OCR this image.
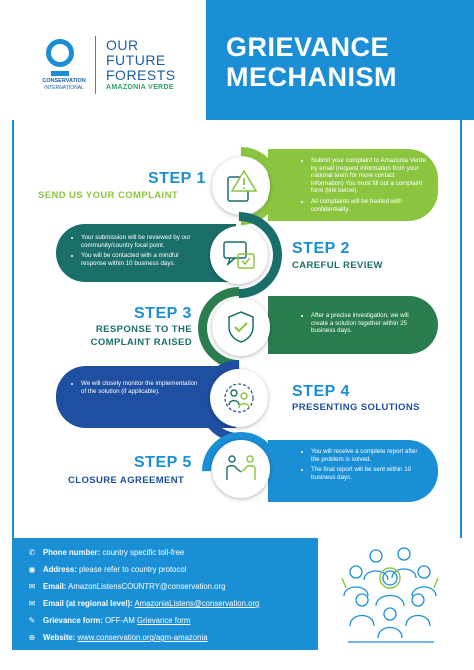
CONSERVATION
INTERNATIONAL
OUR
FUTURE
FORESTS
AMAZONIA VERDE
GRIEVANCE
MECHANISM
• Submit your complaint to Amazonia Verde by email (request information from your national team for more contact information) You must fill out a complaint form (link below).
• All complaints will be treated with confidentiality.
STEP 1
SEND US YOUR COMPLAINT
• Your submission will be reviewed by our community/country focal point.
• You will be contacted with a mindful response within 10 business days.
STEP 2
CAREFUL REVIEW
• After a precise investigation, we will create a solution together within 25 business days.
STEP 3
RESPONSE TO THE
COMPLAINT RAISED
• We will closely monitor the implementation of the solution (if applicable).	STEP 4
PRESENTING SOLUTIONS
• You will receive a complete report after the problem is solved.
• The final report will be sent within 10 business days.
STEP 5
CLOSURE AGREEMENT
✆ Phone number: country specific toll-free
◉ Address: please refer to country protocol
✉ Email: AmazonListensCOUNTRY@conservation.org
✉ Email (at regional level): AmazoniaListens@conservation.org
✎ Grievance form: OFF-AM Grievance form
⊕ Website: www.conservation.org/agm-amazonia
